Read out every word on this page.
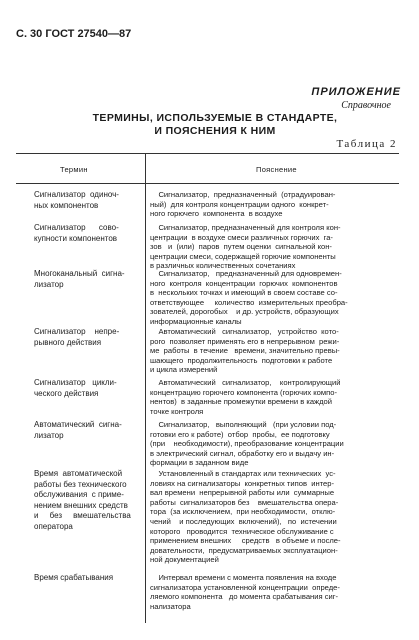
С. 30 ГОСТ 27540—87
ПРИЛОЖЕНИЕ
Справочное
ТЕРМИНЫ, ИСПОЛЬЗУЕМЫЕ В СТАНДАРТЕ,
И ПОЯСНЕНИЯ К НИМ
Таблица 2
Термин	Пояснение
Сигнализатор  одиноч-
ных компонентов
Сигнализатор,  предназначенный  (отрадуирован-
ный)  для контроля концентрации одного  конкрет-
ного горючего  компонента  в воздухе
Сигнализатор      сово-
купности компонентов
Сигнализатор, предназначенный для контроля кон-
центрации  в воздухе смеси различных горючих  га-
зов   и  (или)  паров  путем оценки  сигнальной кон-
центрации смеси, содержащей горючие компоненты
в различных количественных сочетаниях
Многоканальный  сигна-
лизатор
Сигнализатор,   предназначенный для одновремен-
ного  контроля  концентрации  горючих  компонентов
в  нескольких точках и имеющий в своем составе со-
ответствующее     количество  измерительных преобра-
зователей, дорогобых    и др. устройств, образующих
информационные каналы
Сигнализатор    непре-
рывного действия
Автоматический   сигнализатор,   устройство  кото-
рого  позволяет применять его в непрерывном  режи-
ме  работы  в течение   времени, значительно превы-
шающего  продолжительность  подготовки к работе
и цикла измерений
Сигнализатор   цикли-
ческого действия
Автоматический   сигнализатор,    контролирующий
концентрацию горючего компонента (горючих компо-
нентов)  в заданные промежутки времени в каждой
точке контроля
Автоматический  сигна-
лизатор
Сигнализатор,   выполняющий   (при условии под-
готовки его к работе)  отбор  пробы,  ее подготовку
(при    необходимости), преобразование концентрации
в электрический сигнал, обработку его и выдачу ин-
формации в заданном виде
Время  автоматической
работы без технического
обслуживания  с приме-
нением внешних средств
и     без     вмешательства
оператора
Установленный в стандартах или технических  ус-
ловиях на сигнализаторы  конкретных типов  интер-
вал времени  непрерывной работы или  суммарные
работы  сигнализаторов без    вмешательства опера-
тора  (за исключением,  при необходимости,  отклю-
чений    и последующих  включений),   по  истечении
которого   проводится  техническое обслуживание с
применением внешних     средств   в объеме и после-
довательности,  предусматриваемых эксплуатацион-
ной документацией
Время срабатывания	Интервал времени с момента появления на входе
сигнализатора установленной концентрации  опреде-
ляемого компонента   до момента срабатывания сиг-
нализатора
